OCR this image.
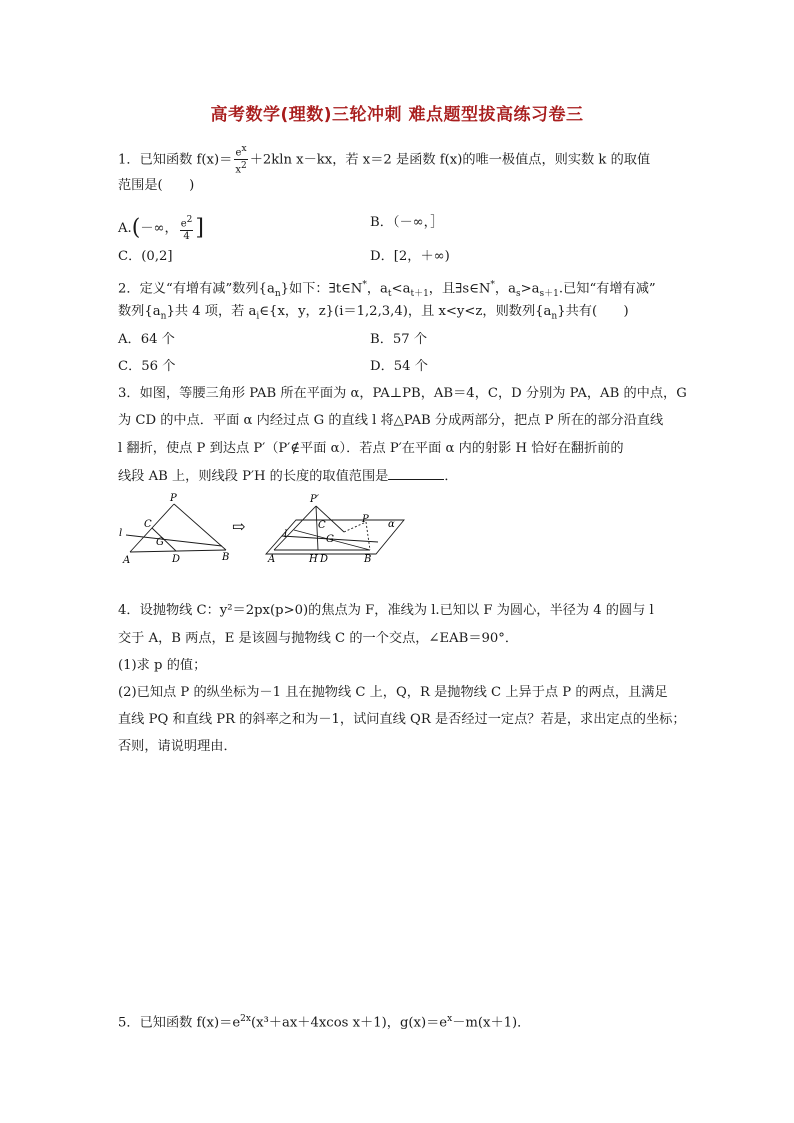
高考数学(理数)三轮冲刺 难点题型拔高练习卷三
1．已知函数 $f(x)= \frac{e^x}{x^2} +2kln$ x－kx，若 x＝2 是函数 f(x)的唯一极值点，则实数 k 的取值
范围是(　　)
A.(－∞， $\frac{e^2}{4}$ ]	B．（－∞，］
C．(0,2]	D．[2，＋∞)
2．定义“有增有减”数列$\{a_n\}$如下：∃t∈N*，$a_t<a_{t+1}$，且∃s∈N*，$a_s>a_{s+1}$.已知“有增有减”
数列$\{a_n\}$共 4 项，若 $a_i\in\{x$，y，z}(i＝1,2,3,4)，且 x<y<z，则数列$\{a_n\}$共有(　　)
A．64 个	B．57 个
C．56 个	D．54 个
3．如图，等腰三角形 PAB 所在平面为 α，PA⊥PB，AB＝4，C，D 分别为 PA，AB 的中点，G
为 CD 的中点．平面 α 内经过点 G 的直线 l 将△PAB 分成两部分，把点 P 所在的部分沿直线
l 翻折，使点 P 到达点 P′（P′∉平面 α）．若点 P′在平面 α 内的射影 H 恰好在翻折前的
线段 AB 上，则线段 P′H 的长度的取值范围是	．
P
C
G
l
A	D	B
⇨
P′
α
P
C
G
l
A	H D	B
4．设抛物线 C：y²＝2px(p>0)的焦点为 F，准线为 l.已知以 F 为圆心，半径为 4 的圆与 l
交于 A，B 两点，E 是该圆与抛物线 C 的一个交点，∠EAB＝90°．
(1)求 p 的值；
(2)已知点 P 的纵坐标为－1 且在抛物线 C 上，Q，R 是抛物线 C 上异于点 P 的两点，且满足
直线 PQ 和直线 PR 的斜率之和为－1，试问直线 QR 是否经过一定点？若是，求出定点的坐标；
否则，请说明理由．
5．已知函数 $f(x)=e^{2x}(x^3+ax+4xcos$ x＋1)，$g(x)=e^x-m(x+1)$．
